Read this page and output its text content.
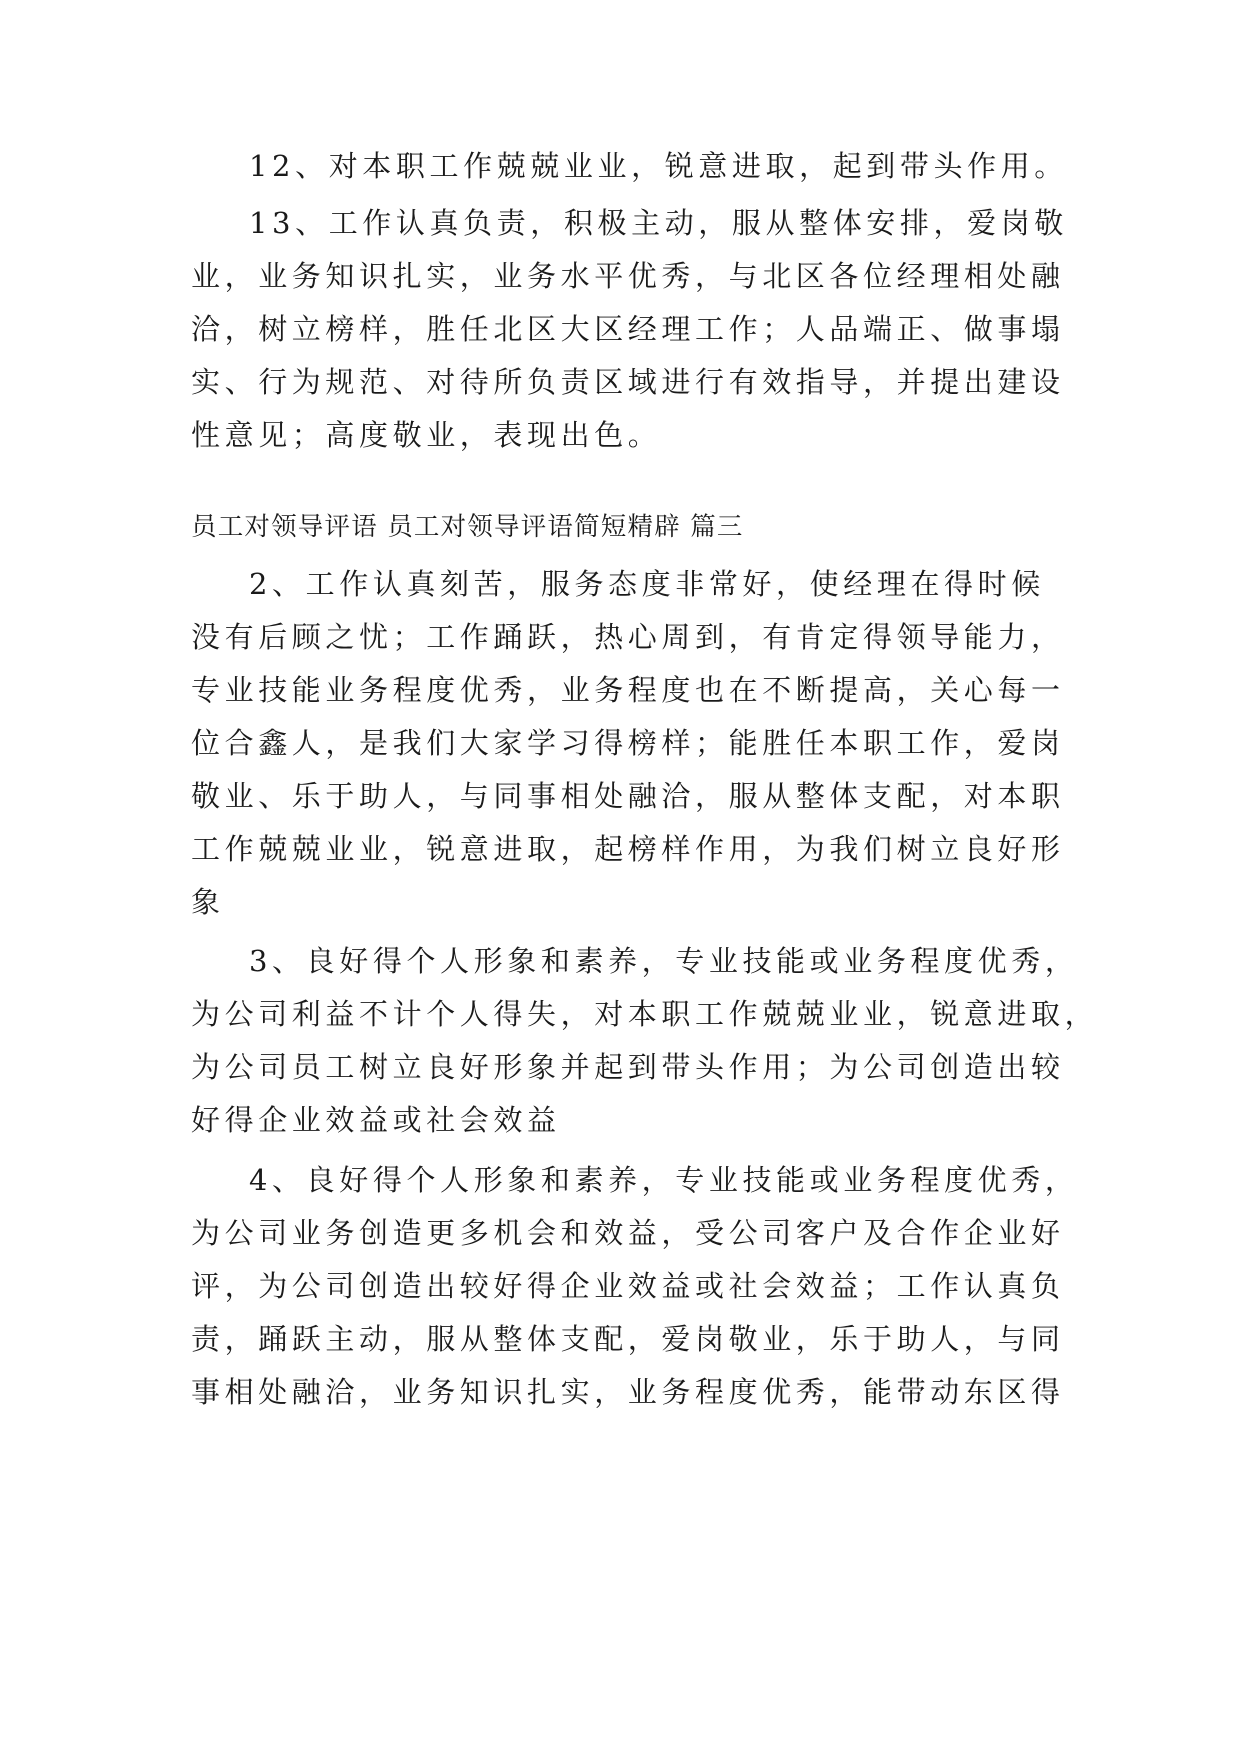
12、对本职工作兢兢业业，锐意进取，起到带头作用。

13、工作认真负责，积极主动，服从整体安排，爱岗敬

业，业务知识扎实，业务水平优秀，与北区各位经理相处融

洽，树立榜样，胜任北区大区经理工作；人品端正、做事塌

实、行为规范、对待所负责区域进行有效指导，并提出建设

性意见；高度敬业，表现出色。

员工对领导评语 员工对领导评语简短精辟 篇三

2、工作认真刻苦，服务态度非常好，使经理在得时候

没有后顾之忧；工作踊跃，热心周到，有肯定得领导能力，

专业技能业务程度优秀，业务程度也在不断提高，关心每一

位合鑫人，是我们大家学习得榜样；能胜任本职工作，爱岗

敬业、乐于助人，与同事相处融洽，服从整体支配，对本职

工作兢兢业业，锐意进取，起榜样作用，为我们树立良好形

象

3、良好得个人形象和素养，专业技能或业务程度优秀，

为公司利益不计个人得失，对本职工作兢兢业业，锐意进取，

为公司员工树立良好形象并起到带头作用；为公司创造出较

好得企业效益或社会效益

4、良好得个人形象和素养，专业技能或业务程度优秀，

为公司业务创造更多机会和效益，受公司客户及合作企业好

评，为公司创造出较好得企业效益或社会效益；工作认真负

责，踊跃主动，服从整体支配，爱岗敬业，乐于助人，与同

事相处融洽，业务知识扎实，业务程度优秀，能带动东区得
